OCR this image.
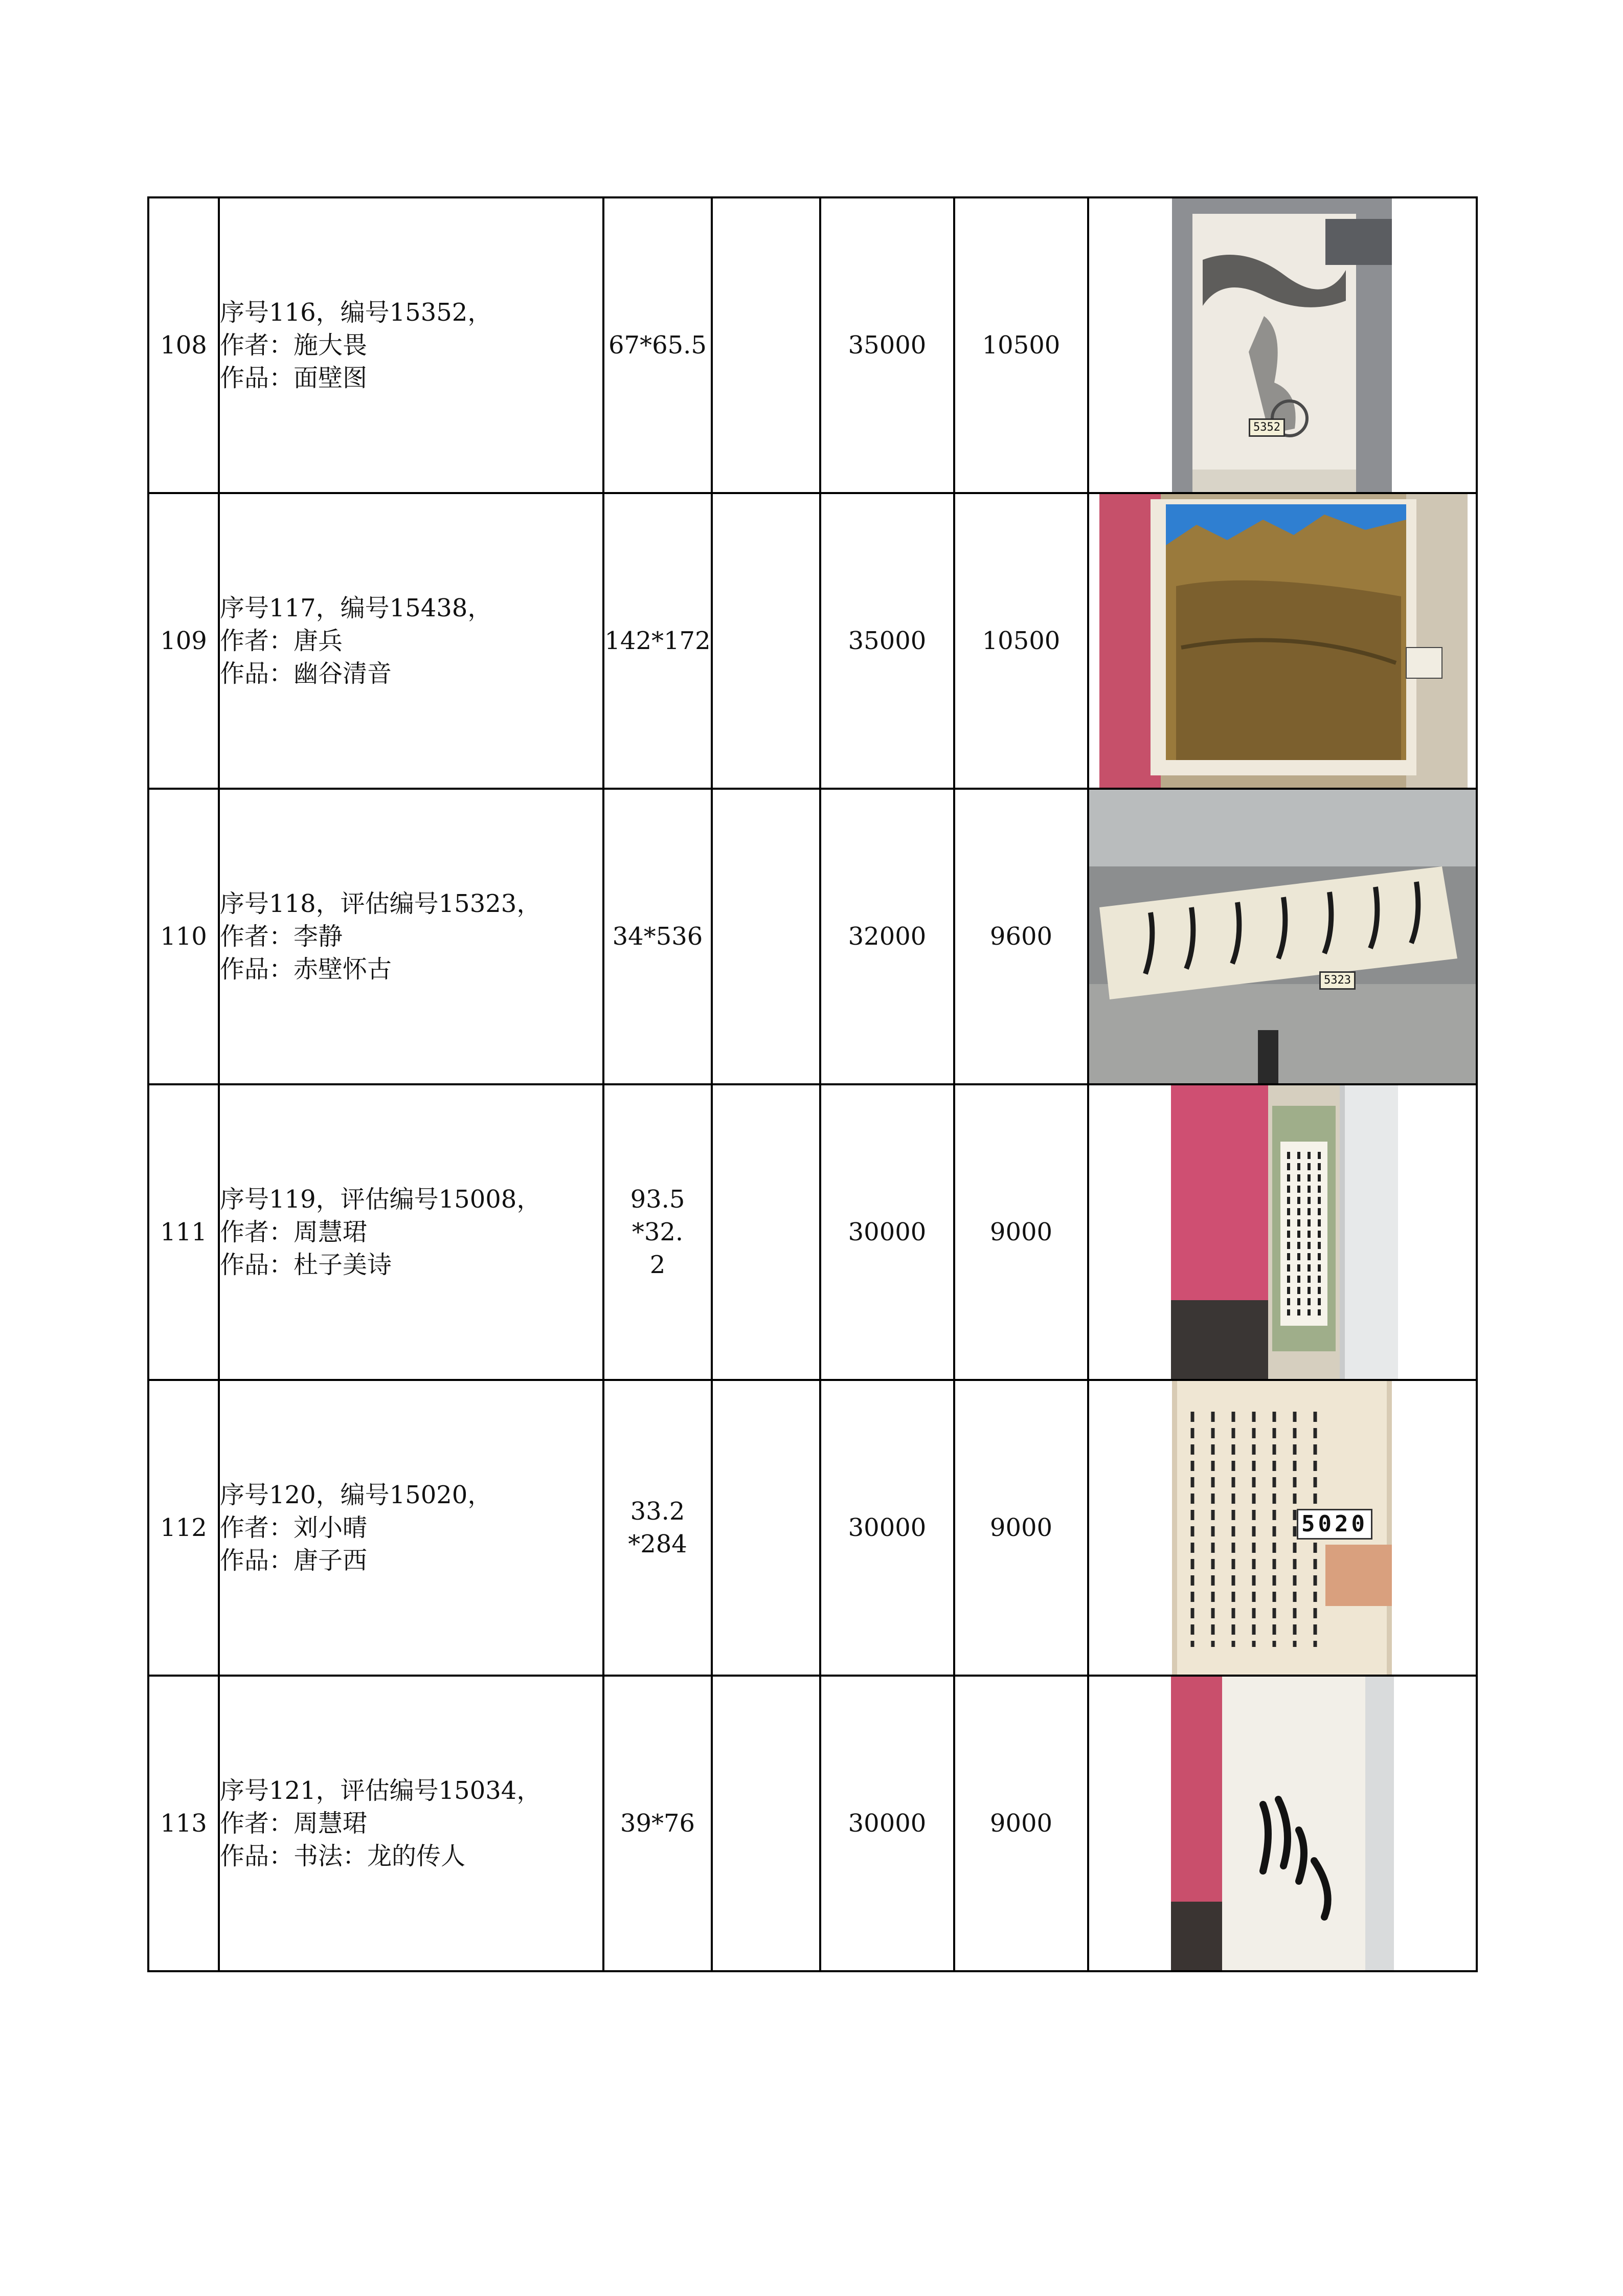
108	序号116，编号15352，
作者：施大畏
作品：面壁图	67*65.5		35000	10500	5352

109	序号117，编号15438，
作者：唐兵
作品：幽谷清音	142*172		35000	10500	

110	序号118，评估编号15323，
作者：李静
作品：赤壁怀古	34*536		32000	9600	5323

111	序号119，评估编号15008，
作者：周慧珺
作品：杜子美诗	93.5*32.2		30000	9000	

112	序号120，编号15020，
作者：刘小晴
作品：唐子西	33.2*284		30000	9000	5020

113	序号121，评估编号15034，
作者：周慧珺
作品：书法：龙的传人	39*76		30000	9000	
